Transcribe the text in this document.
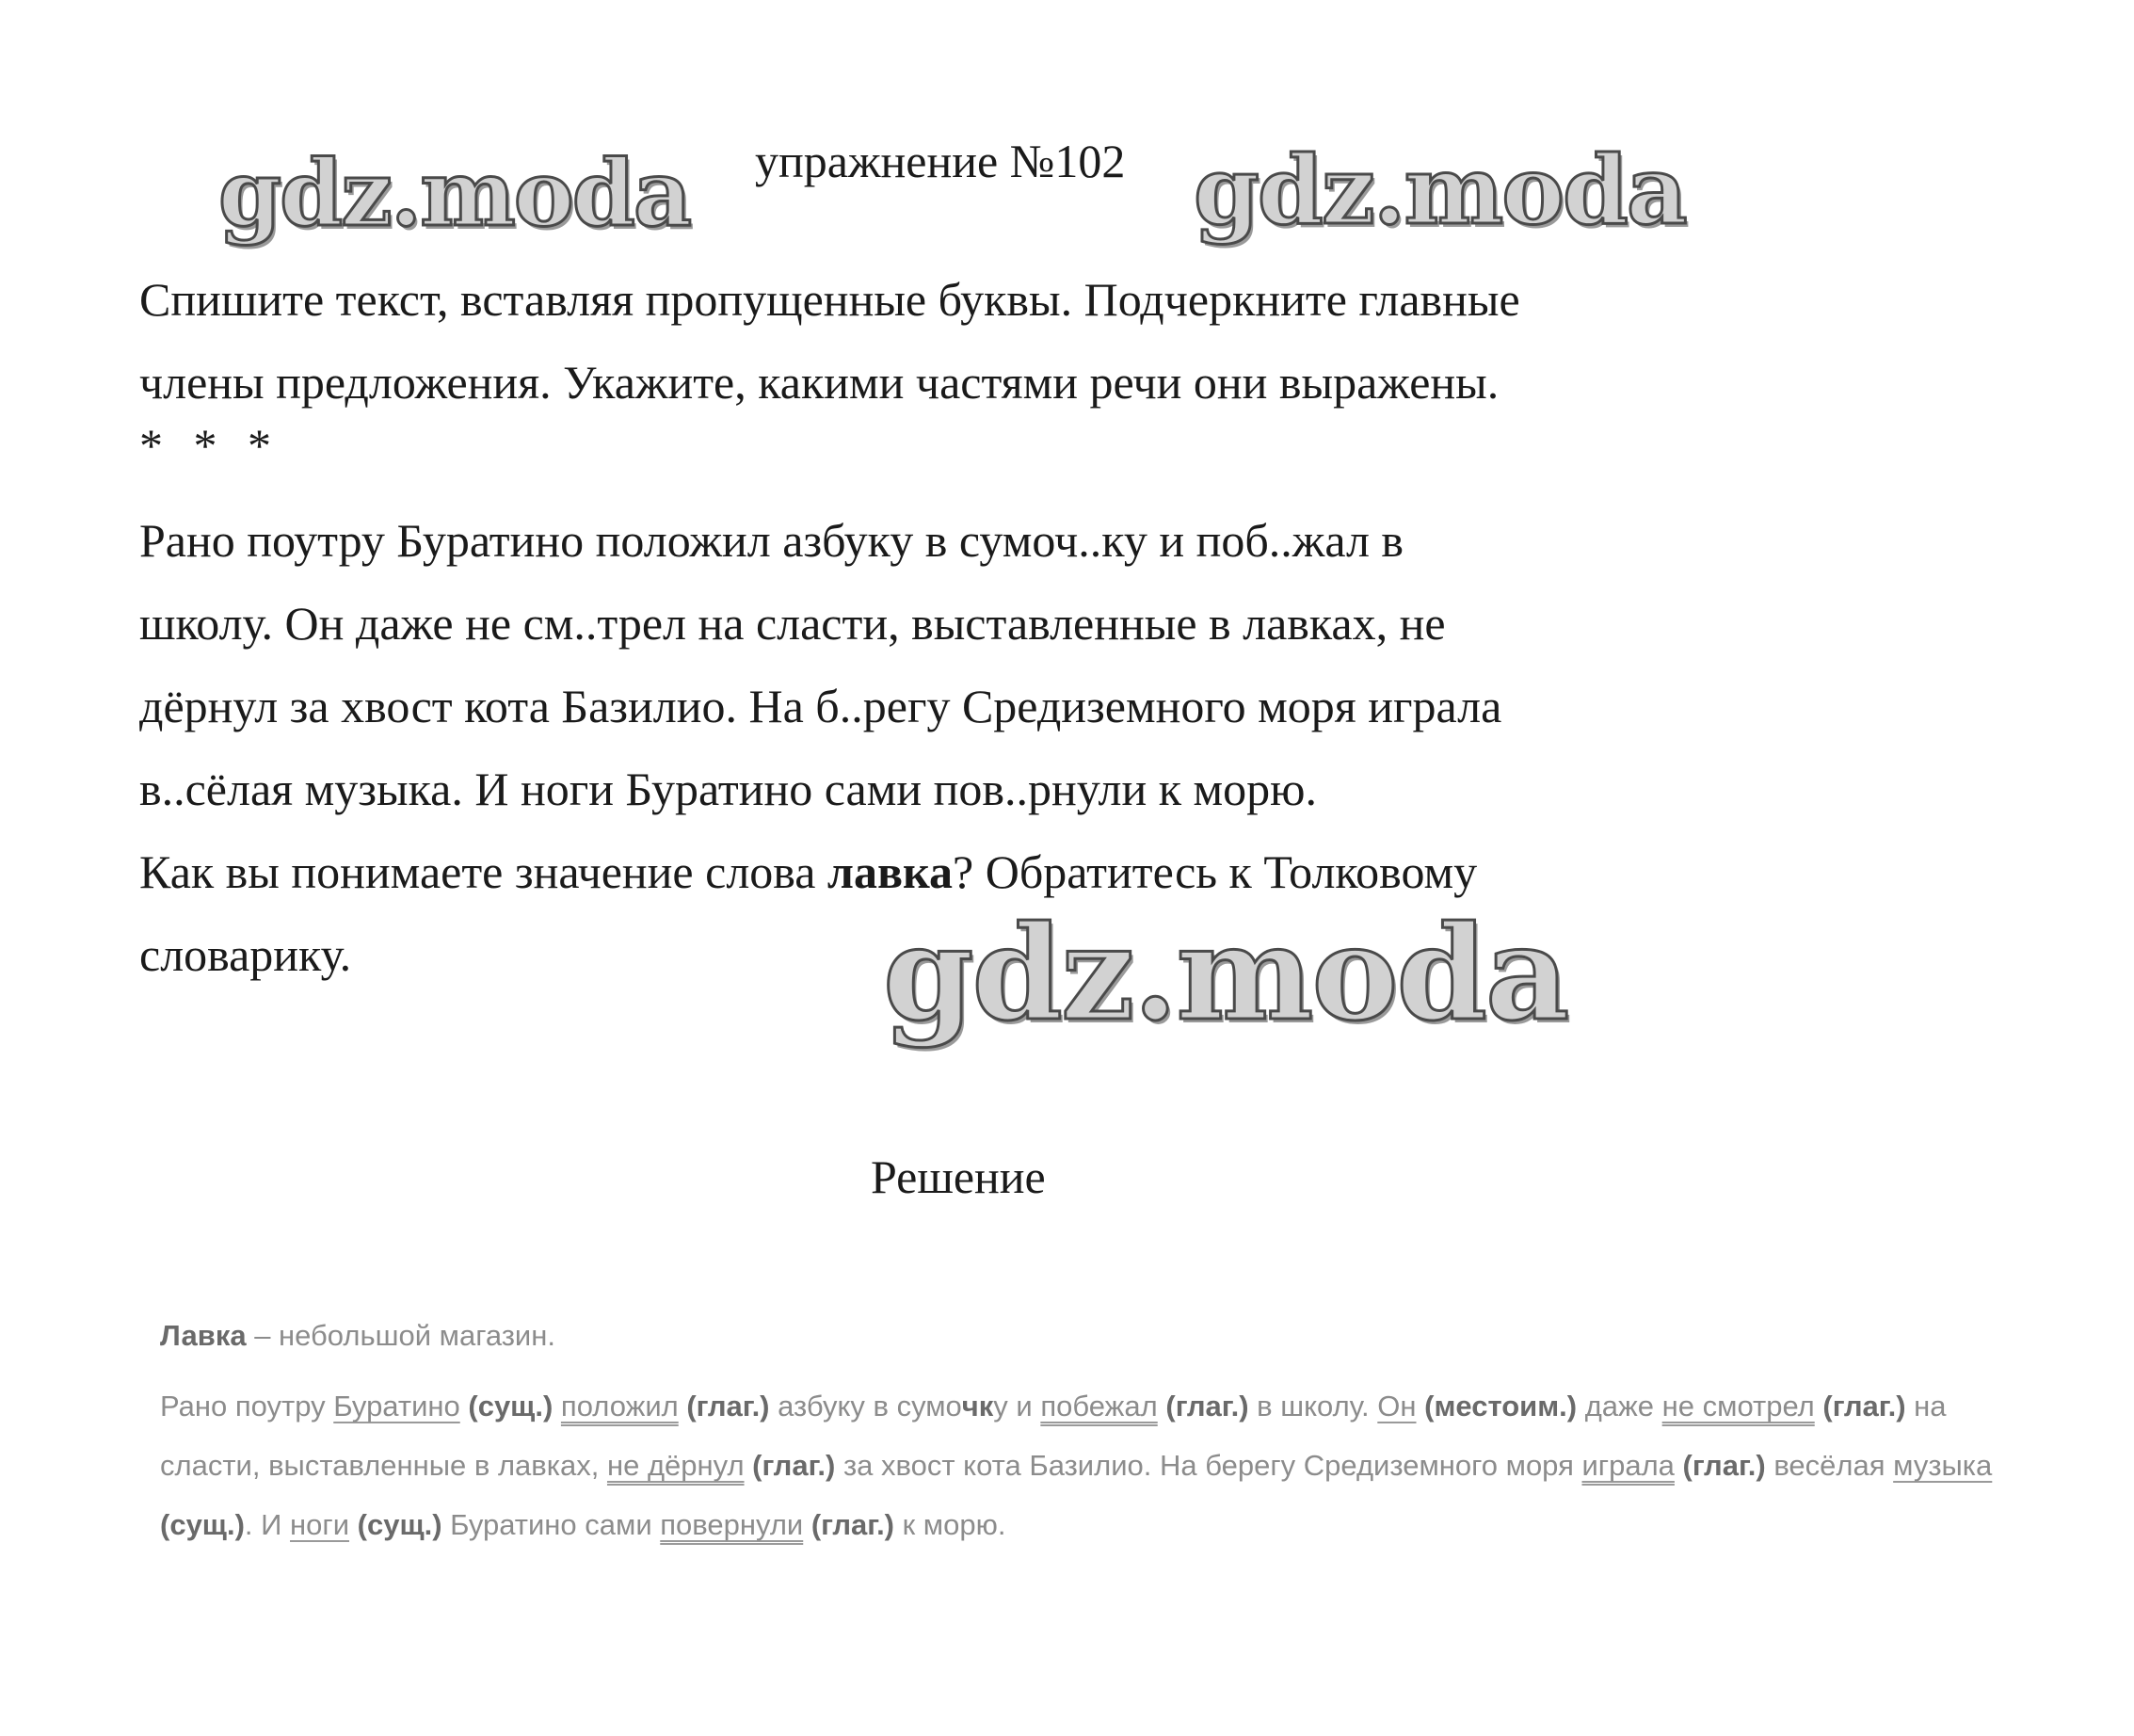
gdz.moda	gdz.moda
gdz.moda
упражнение №102

Спишите текст, вставляя пропущенные буквы. Подчеркните главные

члены предложения. Укажите, какими частями речи они выражены.

* * *

Рано поутру Буратино положил азбуку в сумоч..ку и поб..жал в

школу. Он даже не см..трел на сласти, выставленные в лавках, не

дёрнул за хвост кота Базилио. На б..регу Средиземного моря играла

в..сёлая музыка. И ноги Буратино сами пов..рнули к морю.

Как вы понимаете значение слова лавка? Обратитесь к Толковому

словарику.

Решение

Лавка – небольшой магазин.

Рано поутру Буратино (сущ.) положил (глаг.) азбуку в сумочку и побежал (глаг.) в школу. Он (местоим.) даже не смотрел (глаг.) на сласти, выставленные в лавках, не дёрнул (глаг.) за хвост кота Базилио. На берегу Средиземного моря играла (глаг.) весёлая музыка (сущ.). И ноги (сущ.) Буратино сами повернули (глаг.) к морю.
